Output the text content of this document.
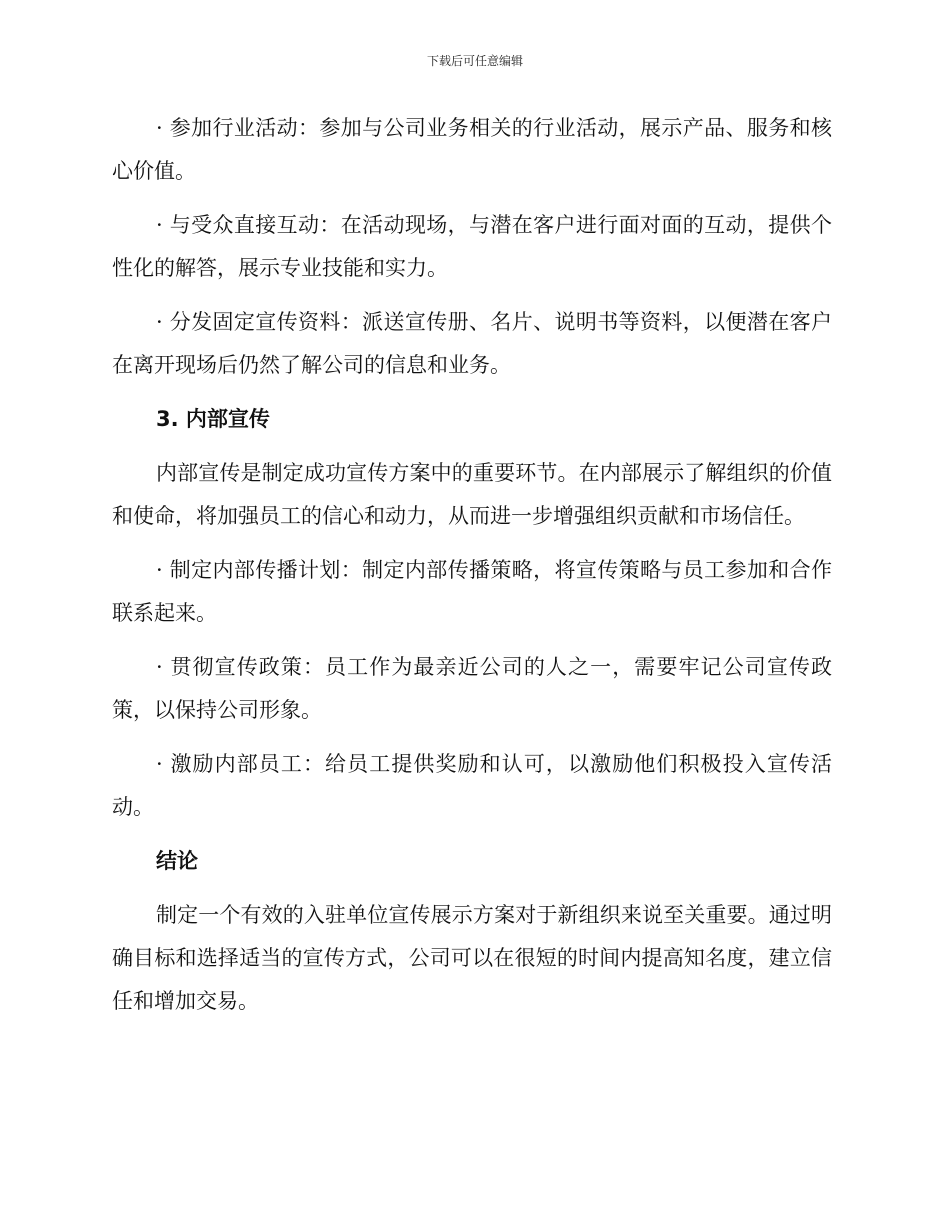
下载后可任意编辑

· 参加行业活动：参加与公司业务相关的行业活动，展示产品、服务和核心价值。

· 与受众直接互动：在活动现场，与潜在客户进行面对面的互动，提供个性化的解答，展示专业技能和实力。

· 分发固定宣传资料：派送宣传册、名片、说明书等资料，以便潜在客户在离开现场后仍然了解公司的信息和业务。

3. 内部宣传

内部宣传是制定成功宣传方案中的重要环节。在内部展示了解组织的价值和使命，将加强员工的信心和动力，从而进一步增强组织贡献和市场信任。

· 制定内部传播计划：制定内部传播策略，将宣传策略与员工参加和合作联系起来。

· 贯彻宣传政策：员工作为最亲近公司的人之一，需要牢记公司宣传政策，以保持公司形象。

· 激励内部员工：给员工提供奖励和认可，以激励他们积极投入宣传活动。

结论

制定一个有效的入驻单位宣传展示方案对于新组织来说至关重要。通过明确目标和选择适当的宣传方式，公司可以在很短的时间内提高知名度，建立信任和增加交易。
